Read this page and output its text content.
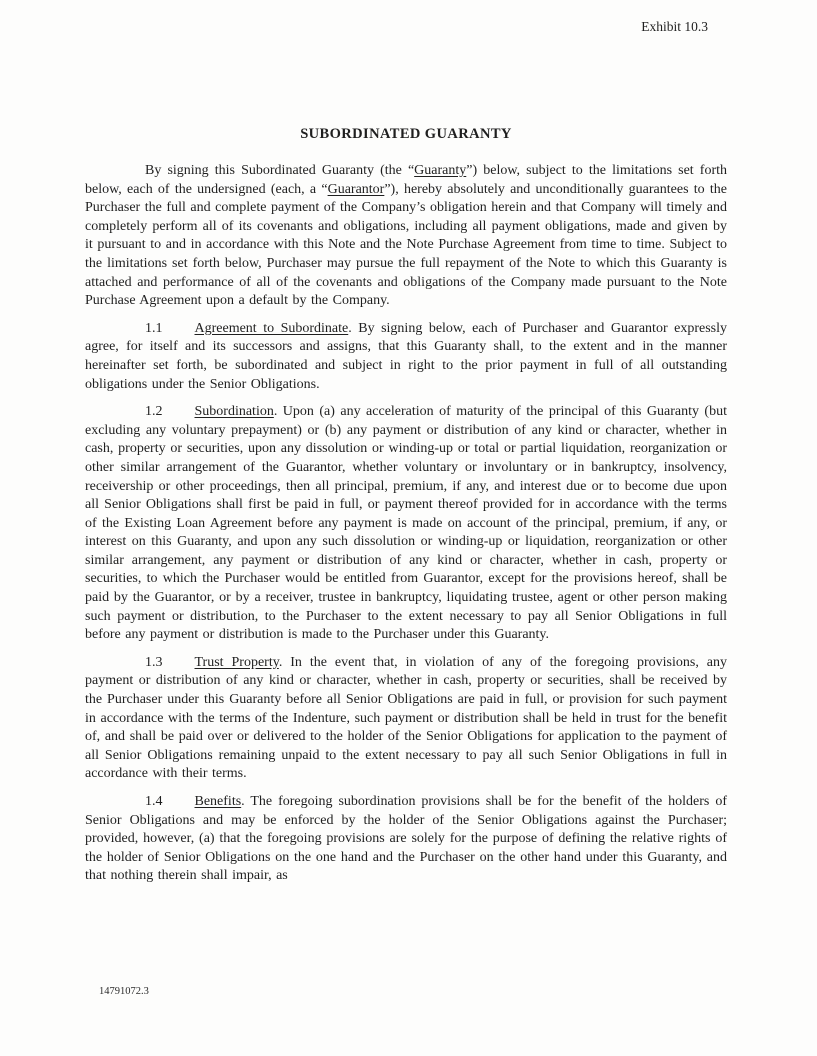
Exhibit 10.3
SUBORDINATED GUARANTY

By signing this Subordinated Guaranty (the “Guaranty”) below, subject to the limitations set forth below, each of the undersigned (each, a “Guarantor”), hereby absolutely and unconditionally guarantees to the Purchaser the full and complete payment of the Company’s obligation herein and that Company will timely and completely perform all of its covenants and obligations, including all payment obligations, made and given by it pursuant to and in accordance with this Note and the Note Purchase Agreement from time to time. Subject to the limitations set forth below, Purchaser may pursue the full repayment of the Note to which this Guaranty is attached and performance of all of the covenants and obligations of the Company made pursuant to the Note Purchase Agreement upon a default by the Company.

1.1 Agreement to Subordinate. By signing below, each of Purchaser and Guarantor expressly agree, for itself and its successors and assigns, that this Guaranty shall, to the extent and in the manner hereinafter set forth, be subordinated and subject in right to the prior payment in full of all outstanding obligations under the Senior Obligations.

1.2 Subordination. Upon (a) any acceleration of maturity of the principal of this Guaranty (but excluding any voluntary prepayment) or (b) any payment or distribution of any kind or character, whether in cash, property or securities, upon any dissolution or winding-up or total or partial liquidation, reorganization or other similar arrangement of the Guarantor, whether voluntary or involuntary or in bankruptcy, insolvency, receivership or other proceedings, then all principal, premium, if any, and interest due or to become due upon all Senior Obligations shall first be paid in full, or payment thereof provided for in accordance with the terms of the Existing Loan Agreement before any payment is made on account of the principal, premium, if any, or interest on this Guaranty, and upon any such dissolution or winding-up or liquidation, reorganization or other similar arrangement, any payment or distribution of any kind or character, whether in cash, property or securities, to which the Purchaser would be entitled from Guarantor, except for the provisions hereof, shall be paid by the Guarantor, or by a receiver, trustee in bankruptcy, liquidating trustee, agent or other person making such payment or distribution, to the Purchaser to the extent necessary to pay all Senior Obligations in full before any payment or distribution is made to the Purchaser under this Guaranty.

1.3 Trust Property. In the event that, in violation of any of the foregoing provisions, any payment or distribution of any kind or character, whether in cash, property or securities, shall be received by the Purchaser under this Guaranty before all Senior Obligations are paid in full, or provision for such payment in accordance with the terms of the Indenture, such payment or distribution shall be held in trust for the benefit of, and shall be paid over or delivered to the holder of the Senior Obligations for application to the payment of all Senior Obligations remaining unpaid to the extent necessary to pay all such Senior Obligations in full in accordance with their terms.

1.4 Benefits. The foregoing subordination provisions shall be for the benefit of the holders of Senior Obligations and may be enforced by the holder of the Senior Obligations against the Purchaser; provided, however, (a) that the foregoing provisions are solely for the purpose of defining the relative rights of the holder of Senior Obligations on the one hand and the Purchaser on the other hand under this Guaranty, and that nothing therein shall impair, as

14791072.3
